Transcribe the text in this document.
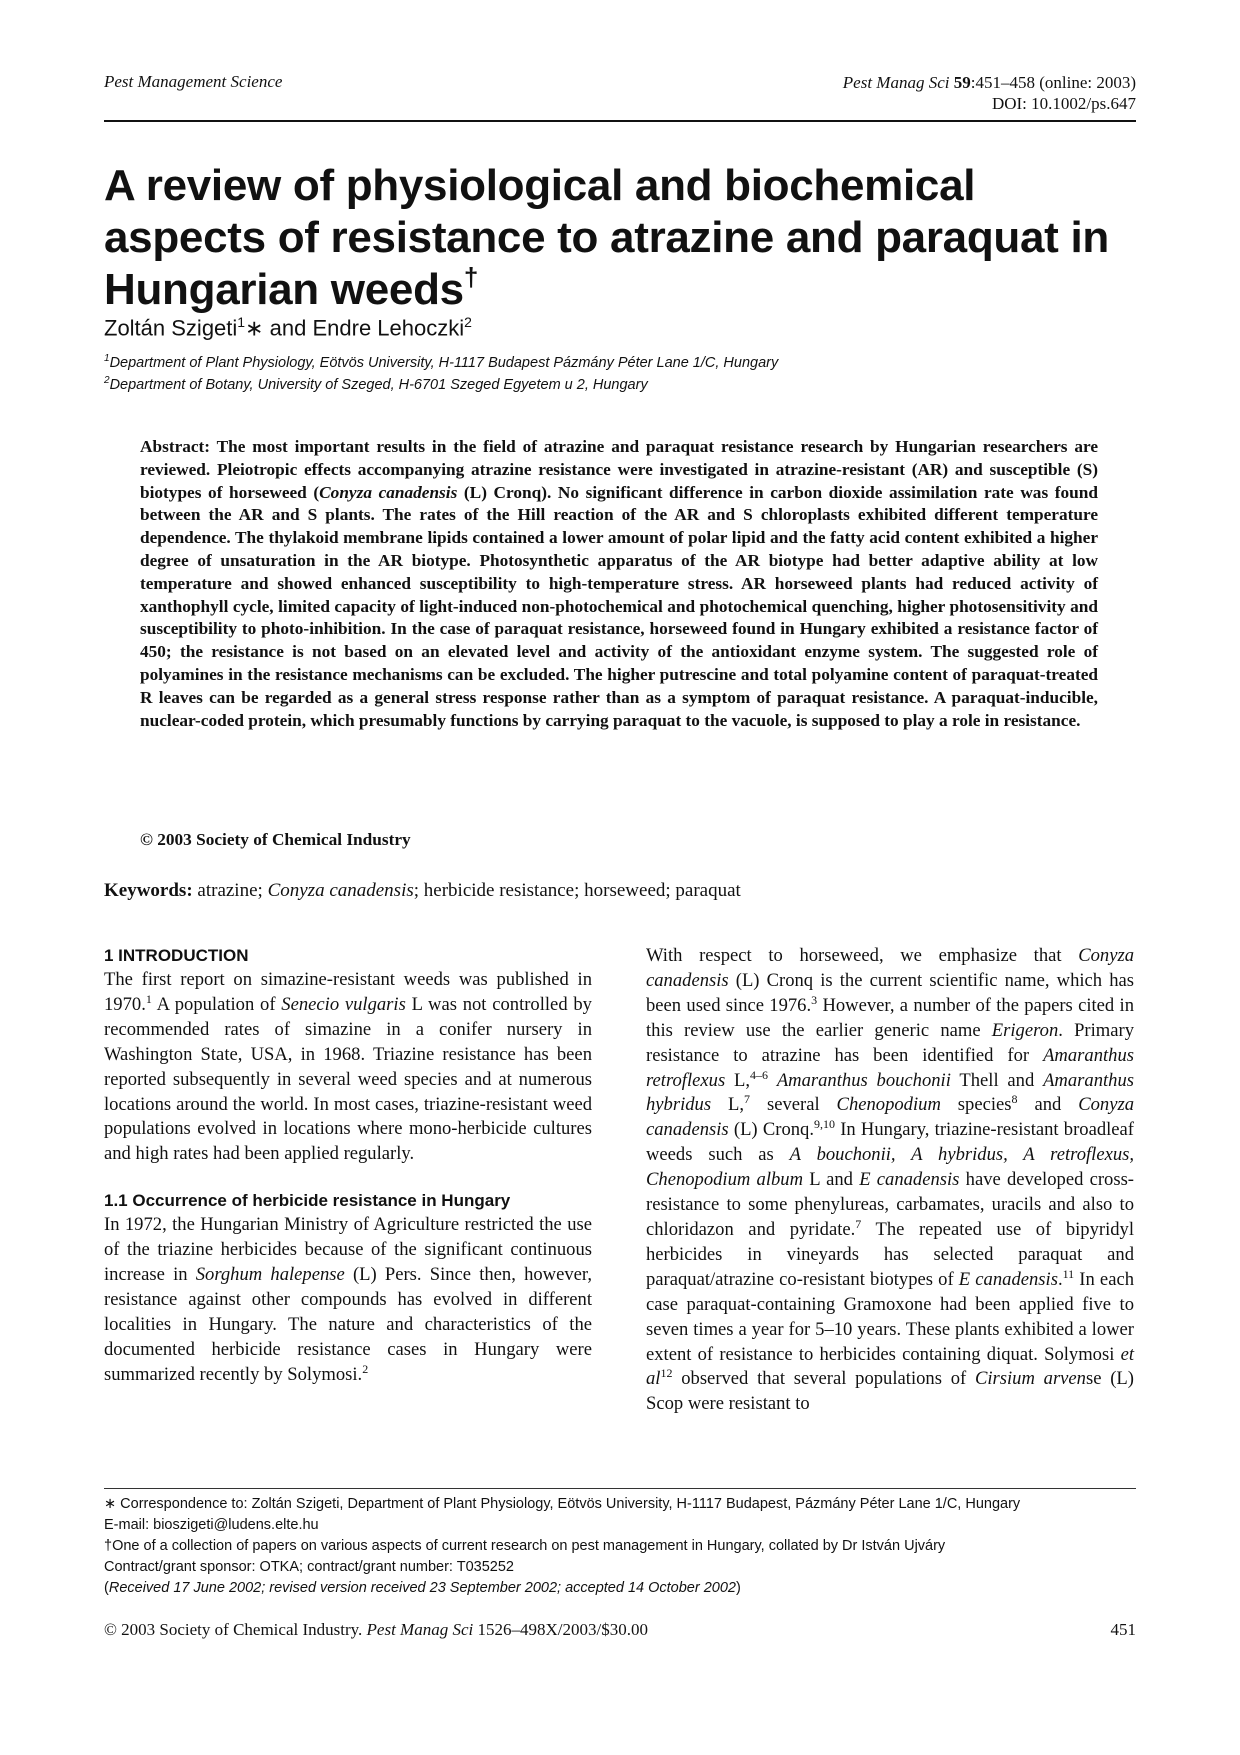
Pest Management Science	Pest Manag Sci 59:451–458 (online: 2003)
DOI: 10.1002/ps.647
A review of physiological and biochemical aspects of resistance to atrazine and paraquat in Hungarian weeds†
Zoltán Szigeti$^1$∗ and Endre Lehoczki$^2$
$^1$Department of Plant Physiology, Eötvös University, H-1117 Budapest Pázmány Péter Lane 1/C, Hungary
$^2$Department of Botany, University of Szeged, H-6701 Szeged Egyetem u 2, Hungary
Abstract: The most important results in the field of atrazine and paraquat resistance research by Hungarian researchers are reviewed. Pleiotropic effects accompanying atrazine resistance were investigated in atrazine-resistant (AR) and susceptible (S) biotypes of horseweed (Conyza canadensis (L) Cronq). No significant difference in carbon dioxide assimilation rate was found between the AR and S plants. The rates of the Hill reaction of the AR and S chloroplasts exhibited different temperature dependence. The thylakoid membrane lipids contained a lower amount of polar lipid and the fatty acid content exhibited a higher degree of unsaturation in the AR biotype. Photosynthetic apparatus of the AR biotype had better adaptive ability at low temperature and showed enhanced susceptibility to high-temperature stress. AR horseweed plants had reduced activity of xanthophyll cycle, limited capacity of light-induced non-photochemical and photochemical quenching, higher photosensitivity and susceptibility to photo-inhibition. In the case of paraquat resistance, horseweed found in Hungary exhibited a resistance factor of 450; the resistance is not based on an elevated level and activity of the antioxidant enzyme system. The suggested role of polyamines in the resistance mechanisms can be excluded. The higher putrescine and total polyamine content of paraquat-treated R leaves can be regarded as a general stress response rather than as a symptom of paraquat resistance. A paraquat-inducible, nuclear-coded protein, which presumably functions by carrying paraquat to the vacuole, is supposed to play a role in resistance.
© 2003 Society of Chemical Industry
Keywords: atrazine; Conyza canadensis; herbicide resistance; horseweed; paraquat
1 INTRODUCTION

The first report on simazine-resistant weeds was published in 1970.$^1$ A population of Senecio vulgaris L was not controlled by recommended rates of simazine in a conifer nursery in Washington State, USA, in 1968. Triazine resistance has been reported subsequently in several weed species and at numerous locations around the world. In most cases, triazine-resistant weed populations evolved in locations where mono-herbicide cultures and high rates had been applied regularly.

1.1 Occurrence of herbicide resistance in Hungary

In 1972, the Hungarian Ministry of Agriculture restricted the use of the triazine herbicides because of the significant continuous increase in Sorghum halepense (L) Pers. Since then, however, resistance against other compounds has evolved in different localities in Hungary. The nature and characteristics of the documented herbicide resistance cases in Hungary were summarized recently by Solymosi.$^2$

With respect to horseweed, we emphasize that Conyza canadensis (L) Cronq is the current scientific name, which has been used since 1976.$^3$ However, a number of the papers cited in this review use the earlier generic name Erigeron. Primary resistance to atrazine has been identified for Amaranthus retroflexus L,$^{4-6}$ Amaranthus bouchonii Thell and Amaranthus hybridus L,$^7$ several Chenopodium species$^8$ and Conyza canadensis (L) Cronq.$^{9,10}$ In Hungary, triazine-resistant broadleaf weeds such as A bouchonii, A hybridus, A retroflexus, Chenopodium album L and E canadensis have developed cross-resistance to some phenylureas, carbamates, uracils and also to chloridazon and pyridate.$^7$ The repeated use of bipyridyl herbicides in vineyards has selected paraquat and paraquat/atrazine co-resistant biotypes of E canadensis.$^{11}$ In each case paraquat-containing Gramoxone had been applied five to seven times a year for 5–10 years. These plants exhibited a lower extent of resistance to herbicides containing diquat. Solymosi et $al^{12}$ observed that several populations of Cirsium arvense (L) Scop were resistant to

∗ Correspondence to: Zoltán Szigeti, Department of Plant Physiology, Eötvös University, H-1117 Budapest, Pázmány Péter Lane 1/C, Hungary
E-mail: bioszigeti@ludens.elte.hu
†One of a collection of papers on various aspects of current research on pest management in Hungary, collated by Dr István Ujváry
Contract/grant sponsor: OTKA; contract/grant number: T035252
(Received 17 June 2002; revised version received 23 September 2002; accepted 14 October 2002)
© 2003 Society of Chemical Industry. Pest Manag Sci 1526–498X/2003/$30.00	451
